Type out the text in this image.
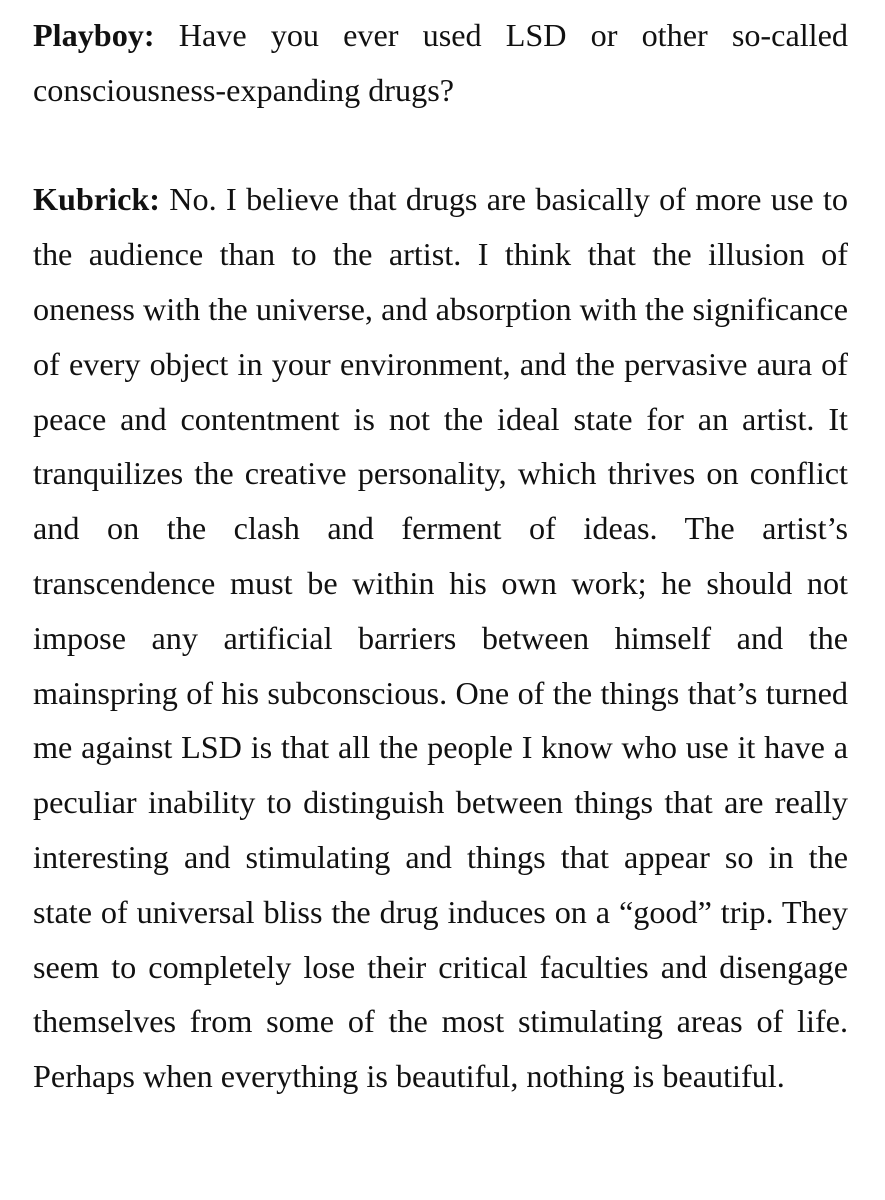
Playboy: Have you ever used LSD or other so-called consciousness-expanding drugs?

Kubrick: No. I believe that drugs are basically of more use to the audience than to the artist. I think that the illusion of oneness with the universe, and absorption with the significance of every object in your environment, and the pervasive aura of peace and contentment is not the ideal state for an artist. It tranquilizes the creative personality, which thrives on conflict and on the clash and ferment of ideas. The artist’s transcendence must be within his own work; he should not impose any artificial barriers between himself and the mainspring of his subconscious. One of the things that’s turned me against LSD is that all the people I know who use it have a peculiar inability to distinguish between things that are really interesting and stimulating and things that appear so in the state of universal bliss the drug induces on a “good” trip. They seem to completely lose their critical faculties and disengage themselves from some of the most stimulating areas of life. Perhaps when everything is beautiful, nothing is beautiful.
